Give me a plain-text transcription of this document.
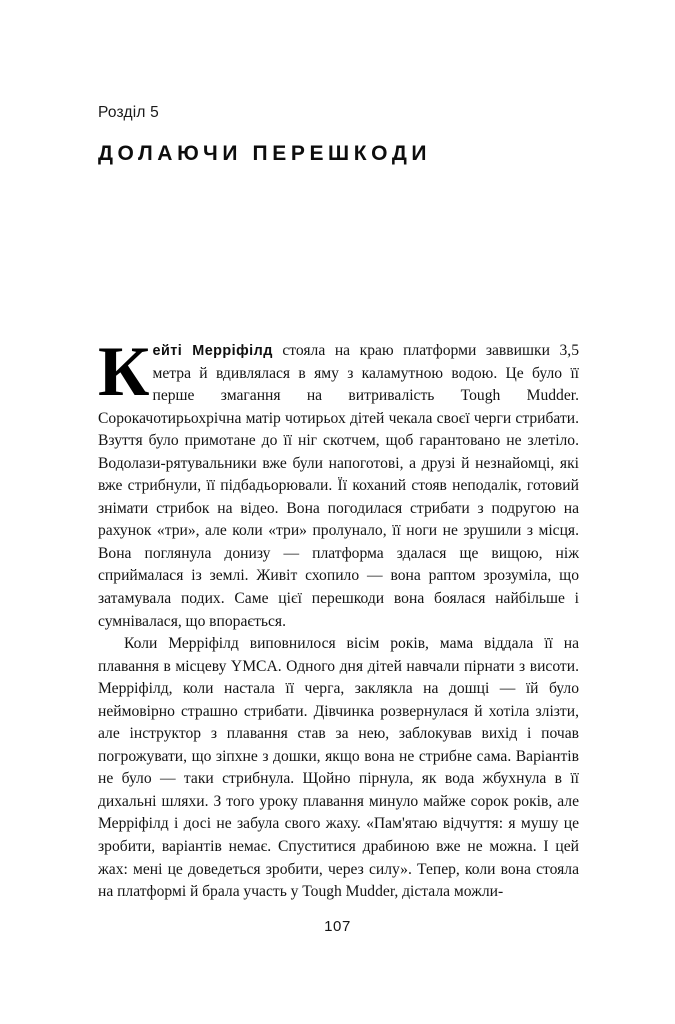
Розділ 5
ДОЛАЮЧИ ПЕРЕШКОДИ

Кейті Мерріфілд стояла на краю платформи заввишки 3,5 метра й вдивлялася в яму з каламутною водою. Це було її перше змагання на витривалість Tough Mudder. Сорокачотирьохрічна матір чотирьох дітей чекала своєї черги стрибати. Взуття було примотане до її ніг скотчем, щоб гарантовано не злетіло. Водолази-рятувальники вже були напоготові, а друзі й незнайомці, які вже стрибнули, її підбадьорювали. Її коханий стояв неподалік, готовий знімати стрибок на відео. Вона погодилася стрибати з подругою на рахунок «три», але коли «три» пролунало, її ноги не зрушили з місця. Вона поглянула донизу — платформа здалася ще вищою, ніж сприймалася із землі. Живіт схопило — вона раптом зрозуміла, що затамувала подих. Саме цієї перешкоди вона боялася найбільше і сумнівалася, що впорається.

Коли Мерріфілд виповнилося вісім років, мама віддала її на плавання в місцеву YMCA. Одного дня дітей навчали пірнати з висоти. Мерріфілд, коли настала її черга, заклякла на дошці — їй було неймовірно страшно стрибати. Дівчинка розвернулася й хотіла злізти, але інструктор з плавання став за нею, заблокував вихід і почав погрожувати, що зіпхне з дошки, якщо вона не стрибне сама. Варіантів не було — таки стрибнула. Щойно пірнула, як вода жбухнула в її дихальні шляхи. З того уроку плавання минуло майже сорок років, але Мерріфілд і досі не забула свого жаху. «Пам'ятаю відчуття: я мушу це зробити, варіантів немає. Спуститися драбиною вже не можна. І цей жах: мені це доведеться зробити, через силу». Тепер, коли вона стояла на платформі й брала участь у Tough Mudder, дістала можли-

107
